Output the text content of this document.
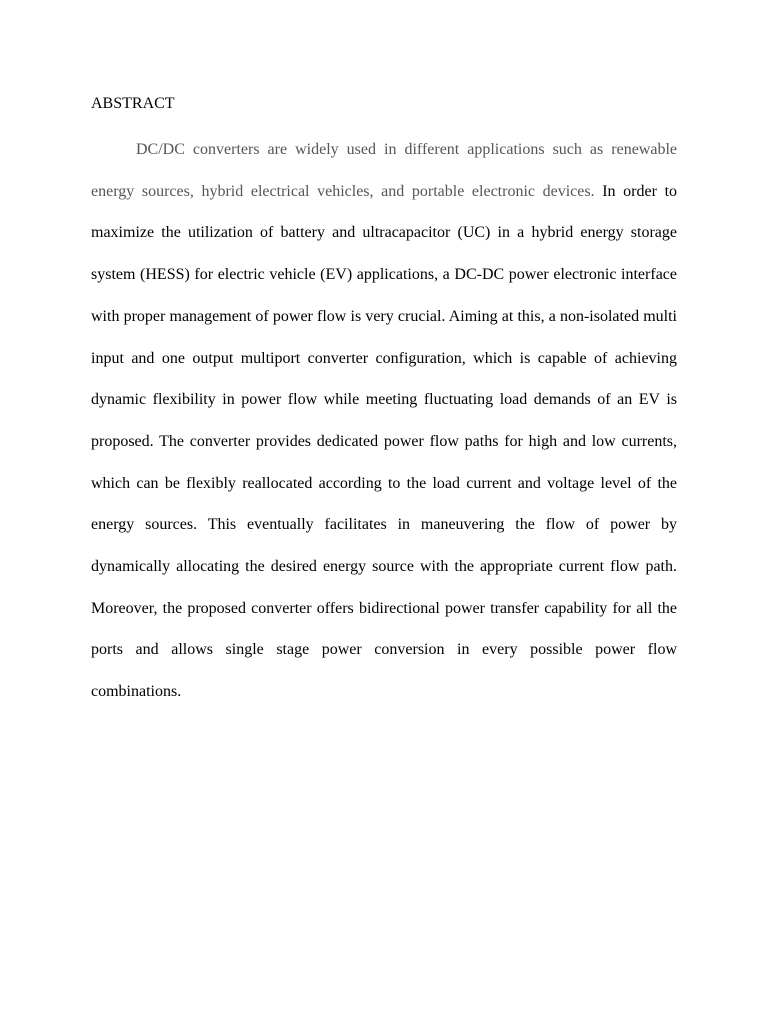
ABSTRACT

DC/DC converters are widely used in different applications such as renewable energy sources, hybrid electrical vehicles, and portable electronic devices. In order to maximize the utilization of battery and ultracapacitor (UC) in a hybrid energy storage system (HESS) for electric vehicle (EV) applications, a DC-DC power electronic interface with proper management of power flow is very crucial. Aiming at this, a non-isolated multi input and one output multiport converter configuration, which is capable of achieving dynamic flexibility in power flow while meeting fluctuating load demands of an EV is proposed. The converter provides dedicated power flow paths for high and low currents, which can be flexibly reallocated according to the load current and voltage level of the energy sources. This eventually facilitates in maneuvering the flow of power by dynamically allocating the desired energy source with the appropriate current flow path. Moreover, the proposed converter offers bidirectional power transfer capability for all the ports and allows single stage power conversion in every possible power flow combinations.
